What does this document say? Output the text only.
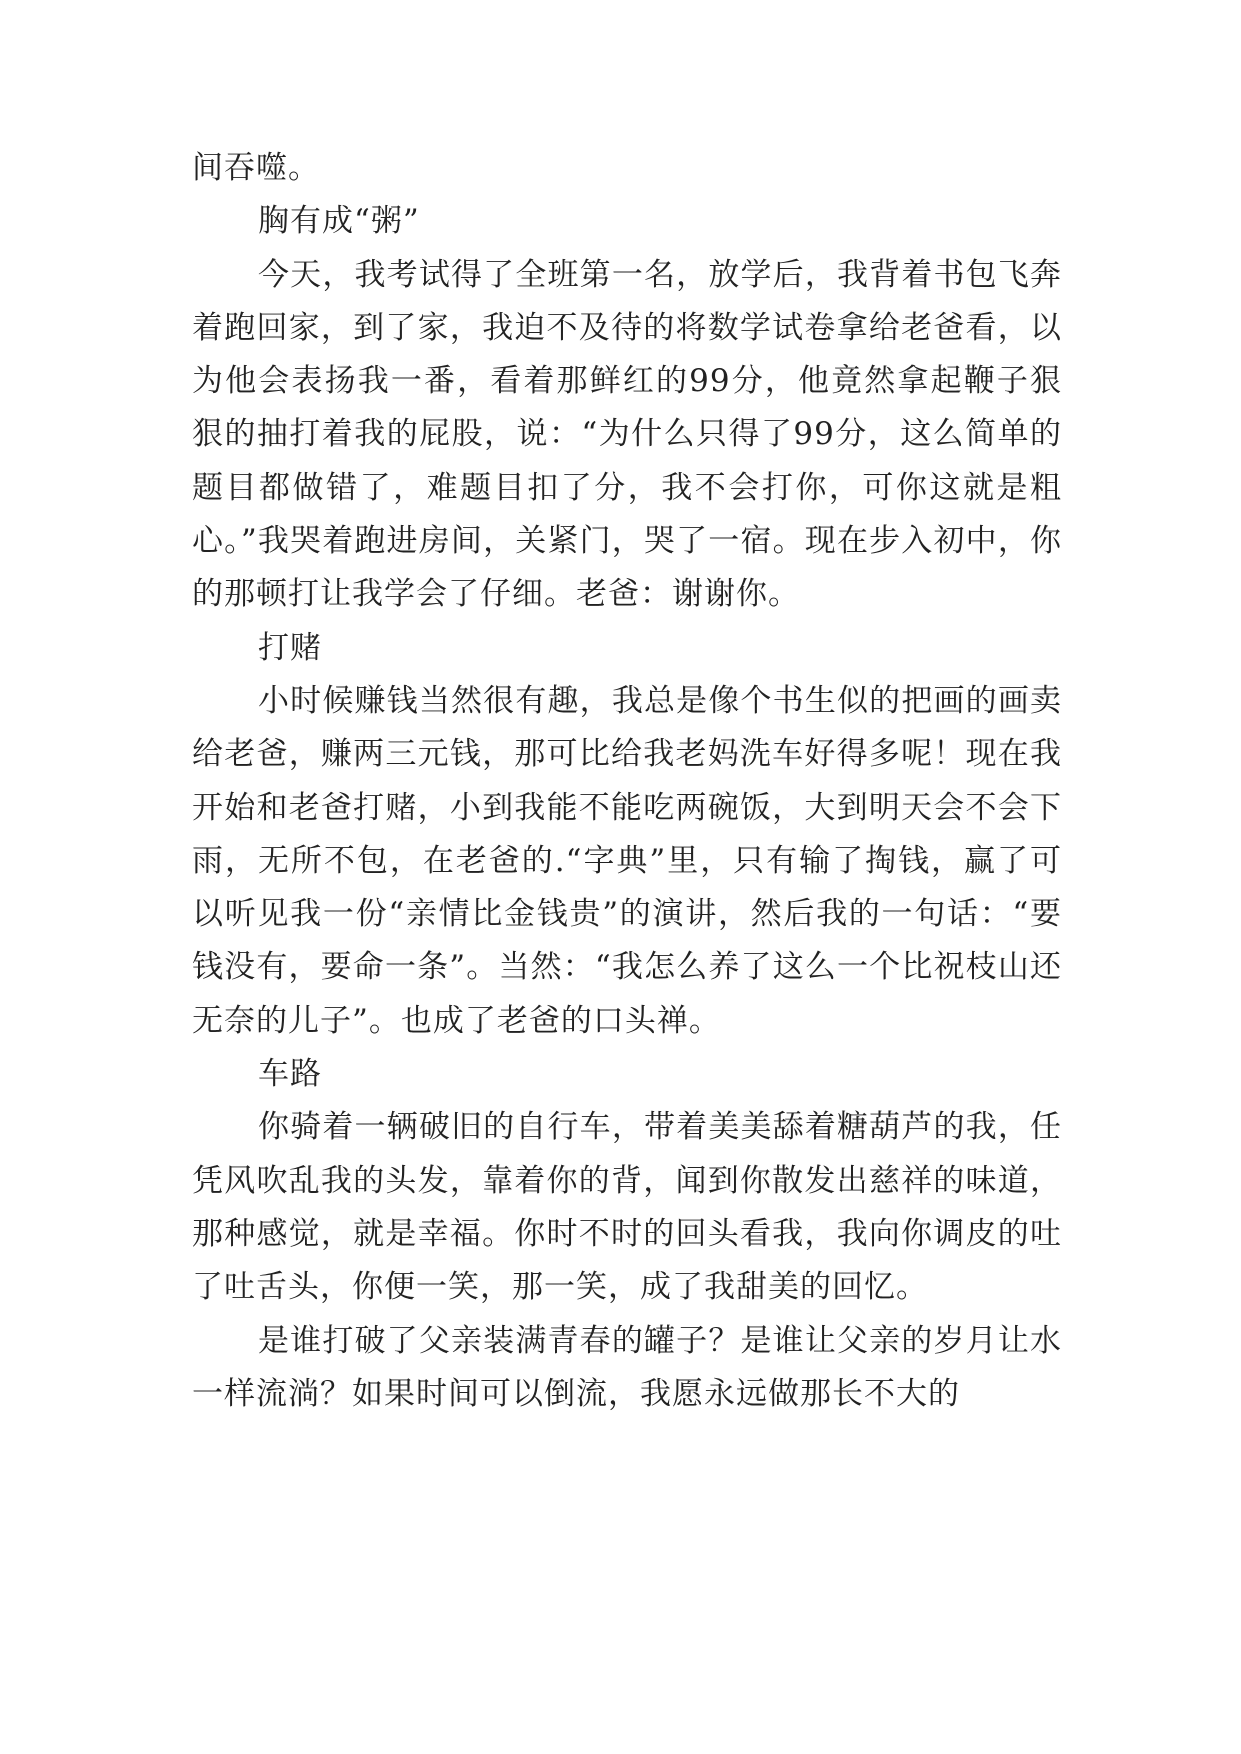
间吞噬。

胸有成“粥”

今天，我考试得了全班第一名，放学后，我背着书包飞奔着跑回家，到了家，我迫不及待的将数学试卷拿给老爸看，以为他会表扬我一番，看着那鲜红的99分，他竟然拿起鞭子狠狠的抽打着我的屁股，说：“为什么只得了99分，这么简单的题目都做错了，难题目扣了分，我不会打你，可你这就是粗心。”我哭着跑进房间，关紧门，哭了一宿。现在步入初中，你的那顿打让我学会了仔细。老爸：谢谢你。

打赌

小时候赚钱当然很有趣，我总是像个书生似的把画的画卖给老爸，赚两三元钱，那可比给我老妈洗车好得多呢！现在我开始和老爸打赌，小到我能不能吃两碗饭，大到明天会不会下雨，无所不包，在老爸的.“字典”里，只有输了掏钱，赢了可以听见我一份“亲情比金钱贵”的演讲，然后我的一句话：“要钱没有，要命一条”。当然：“我怎么养了这么一个比祝枝山还无奈的儿子”。也成了老爸的口头禅。

车路

你骑着一辆破旧的自行车，带着美美舔着糖葫芦的我，任凭风吹乱我的头发，靠着你的背，闻到你散发出慈祥的味道，那种感觉，就是幸福。你时不时的回头看我，我向你调皮的吐了吐舌头，你便一笑，那一笑，成了我甜美的回忆。

是谁打破了父亲装满青春的罐子？是谁让父亲的岁月让水一样流淌？如果时间可以倒流，我愿永远做那长不大的
